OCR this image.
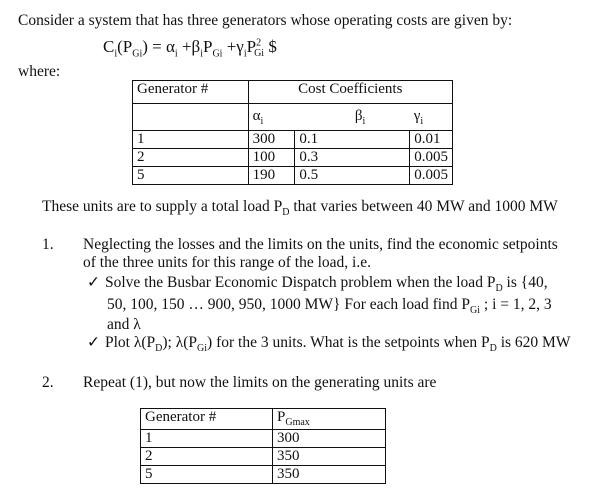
Consider a system that has three generators whose operating costs are given by:
$C_i(P_{Gi}) = \alpha_i +\beta_iP_{Gi} +\gamma_iP^2_{Gi}$ $
where:
Generator #	Cost Coefficients		
	$\alpha_i$	$\beta_i$	$\gamma_i$
1	300	0.1	0.01
2	100	0.3	0.005
5	190	0.5	0.005
These units are to supply a total load $P_D$ that varies between 40 MW and 1000 MW
1. Neglecting the losses and the limits on the units, find the economic setpoints
of the three units for this range of the load, i.e.
✓ Solve the Busbar Economic Dispatch problem when the load $P_D$ is {40,
50, 100, 150 … 900, 950, 1000 MW} For each load find $P_{Gi}$ ; i = 1, 2, 3
and λ
✓ Plot $\lambda(P_D)$; $\lambda(P_{Gi})$ for the 3 units. What is the setpoints when $P_D$ is 620 MW
2. Repeat (1), but now the limits on the generating units are
Generator #	$P_{Gmax}$
1	300
2	350
5	350
